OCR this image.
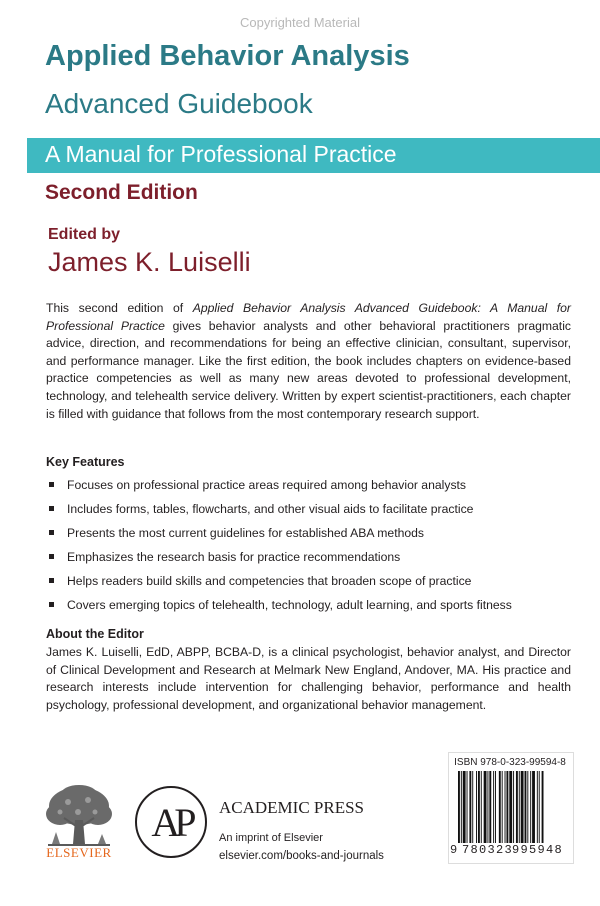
Copyrighted Material
Applied Behavior Analysis
Advanced Guidebook
A Manual for Professional Practice
Second Edition
Edited by
James K. Luiselli

This second edition of Applied Behavior Analysis Advanced Guidebook: A Manual for Professional Practice gives behavior analysts and other behavioral practitioners pragmatic advice, direction, and recommendations for being an effective clinician, consultant, supervisor, and performance manager. Like the first edition, the book includes chapters on evidence-based practice competencies as well as many new areas devoted to professional development, technology, and telehealth service delivery. Written by expert scientist-practitioners, each chapter is filled with guidance that follows from the most contemporary research support.

Key Features
Focuses on professional practice areas required among behavior analysts
Includes forms, tables, flowcharts, and other visual aids to facilitate practice
Presents the most current guidelines for established ABA methods
Emphasizes the research basis for practice recommendations
Helps readers build skills and competencies that broaden scope of practice
Covers emerging topics of telehealth, technology, adult learning, and sports fitness
About the Editor

James K. Luiselli, EdD, ABPP, BCBA-D, is a clinical psychologist, behavior analyst, and Director of Clinical Development and Research at Melmark New England, Andover, MA. His practice and research interests include intervention for challenging behavior, performance and health psychology, professional development, and organizational behavior management.

ELSEVIER
AP ACADEMIC PRESS
An imprint of Elsevier
elsevier.com/books-and-journals
ISBN 978-0-323-99594-8
9 780323
995948
